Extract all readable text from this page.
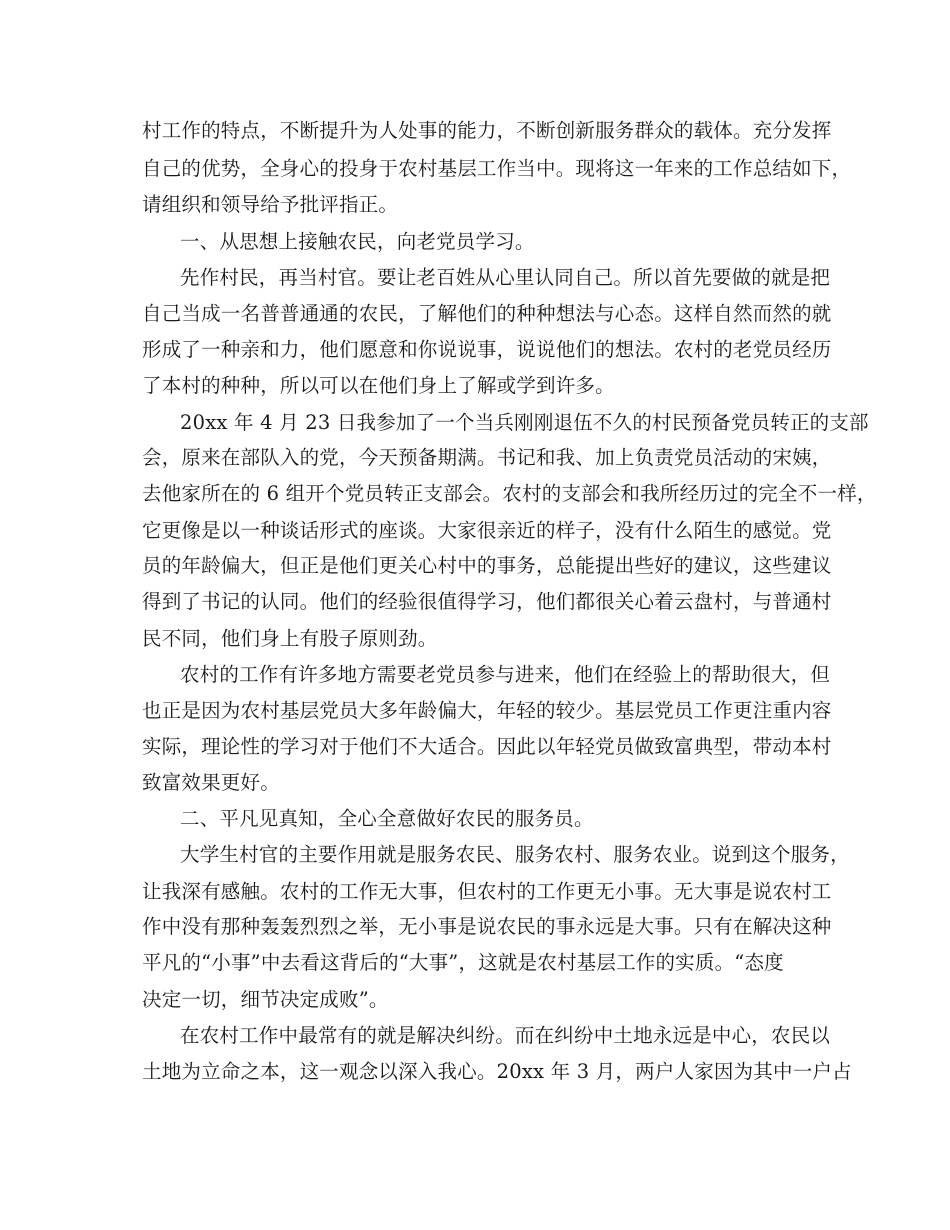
村工作的特点，不断提升为人处事的能力，不断创新服务群众的载体。充分发挥
自己的优势，全身心的投身于农村基层工作当中。现将这一年来的工作总结如下，
请组织和领导给予批评指正。
一、从思想上接触农民，向老党员学习。
先作村民，再当村官。要让老百姓从心里认同自己。所以首先要做的就是把
自己当成一名普普通通的农民，了解他们的种种想法与心态。这样自然而然的就
形成了一种亲和力，他们愿意和你说说事，说说他们的想法。农村的老党员经历
了本村的种种，所以可以在他们身上了解或学到许多。
20xx 年 4 月 23 日我参加了一个当兵刚刚退伍不久的村民预备党员转正的支部
会，原来在部队入的党，今天预备期满。书记和我、加上负责党员活动的宋姨，
去他家所在的 6 组开个党员转正支部会。农村的支部会和我所经历过的完全不一样，
它更像是以一种谈话形式的座谈。大家很亲近的样子，没有什么陌生的感觉。党
员的年龄偏大，但正是他们更关心村中的事务，总能提出些好的建议，这些建议
得到了书记的认同。他们的经验很值得学习，他们都很关心着云盘村，与普通村
民不同，他们身上有股子原则劲。
农村的工作有许多地方需要老党员参与进来，他们在经验上的帮助很大，但
也正是因为农村基层党员大多年龄偏大，年轻的较少。基层党员工作更注重内容
实际，理论性的学习对于他们不大适合。因此以年轻党员做致富典型，带动本村
致富效果更好。
二、平凡见真知，全心全意做好农民的服务员。
大学生村官的主要作用就是服务农民、服务农村、服务农业。说到这个服务，
让我深有感触。农村的工作无大事，但农村的工作更无小事。无大事是说农村工
作中没有那种轰轰烈烈之举，无小事是说农民的事永远是大事。只有在解决这种
平凡的“小事”中去看这背后的“大事”，这就是农村基层工作的实质。“态度
决定一切，细节决定成败”。
在农村工作中最常有的就是解决纠纷。而在纠纷中土地永远是中心，农民以
土地为立命之本，这一观念以深入我心。20xx 年 3 月，两户人家因为其中一户占
